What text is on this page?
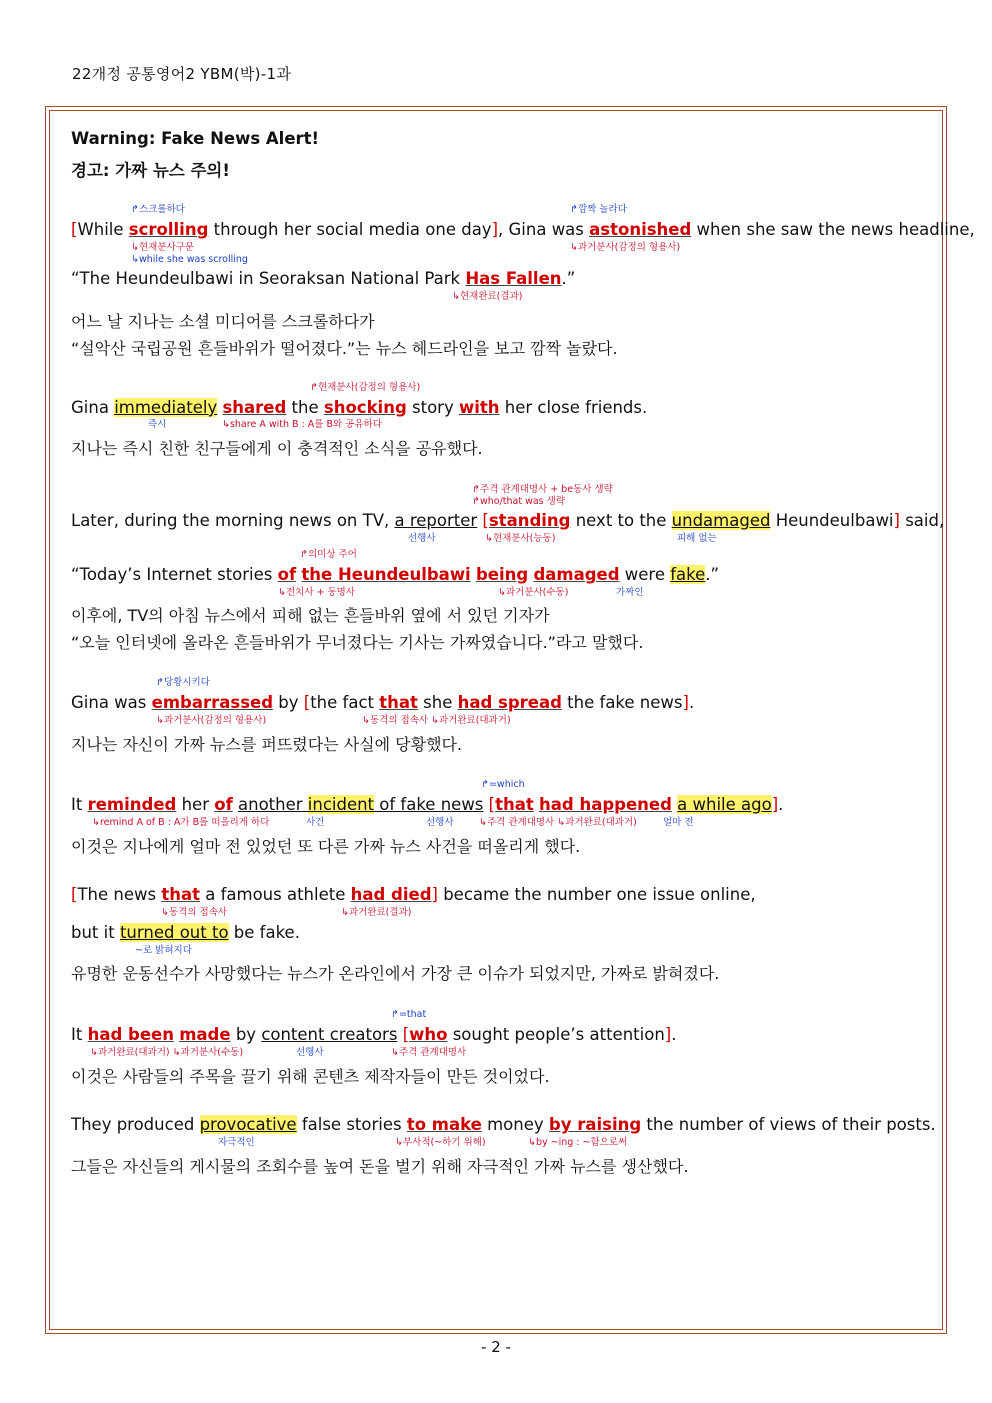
22개정 공통영어2 YBM(박)-1과
Warning: Fake News Alert!
경고: 가짜 뉴스 주의!
↱스크롤하다	↱깜짝 놀라다
[While scrolling through her social media one day], Gina was astonished when she saw the news headline,
↳현재분사구문	↳과거분사(감정의 형용사)
↳while she was scrolling
“The Heundeulbawi in Seoraksan National Park Has Fallen.”
↳현재완료(결과)
어느 날 지나는 소셜 미디어를 스크롤하다가
“설악산 국립공원 흔들바위가 떨어졌다.”는 뉴스 헤드라인을 보고 깜짝 놀랐다.
↱현재분사(감정의 형용사)
Gina immediately shared the shocking story with her close friends.
즉시	↳share A with B : A를 B와 공유하다
지나는 즉시 친한 친구들에게 이 충격적인 소식을 공유했다.
↱주격 관계대명사 + be동사 생략
↱who/that was 생략
Later, during the morning news on TV, a reporter [standing next to the undamaged Heundeulbawi] said,
선행사	↳현재분사(능동)	피해 없는
↱의미상 주어
“Today’s Internet stories of the Heundeulbawi being damaged were fake.”
↳전치사 + 동명사	↳과거분사(수동)	가짜인
이후에, TV의 아침 뉴스에서 피해 없는 흔들바위 옆에 서 있던 기자가
“오늘 인터넷에 올라온 흔들바위가 무너졌다는 기사는 가짜였습니다.”라고 말했다.
↱당황시키다
Gina was embarrassed by [the fact that she had spread the fake news].
↳과거분사(감정의 형용사)	↳동격의 접속사 ↳과거완료(대과거)
지나는 자신이 가짜 뉴스를 퍼뜨렸다는 사실에 당황했다.
↱=which
It reminded her of another incident of fake news [that had happened a while ago].
↳remind A of B : A가 B를 떠올리게 하다	사건	선행사	↳주격 관계대명사 ↳과거완료(대과거)	얼마 전
이것은 지나에게 얼마 전 있었던 또 다른 가짜 뉴스 사건을 떠올리게 했다.
[The news that a famous athlete had died] became the number one issue online,
↳동격의 접속사	↳과거완료(결과)
but it turned out to be fake.
~로 밝혀지다
유명한 운동선수가 사망했다는 뉴스가 온라인에서 가장 큰 이슈가 되었지만, 가짜로 밝혀졌다.
↱=that
It had been made by content creators [who sought people’s attention].
↳과거완료(대과거) ↳과거분사(수동)	선행사	↳주격 관계대명사
이것은 사람들의 주목을 끌기 위해 콘텐츠 제작자들이 만든 것이었다.
They produced provocative false stories to make money by raising the number of views of their posts.
자극적인	↳부사적(~하기 위해)	↳by ~ing : ~함으로써
그들은 자신들의 게시물의 조회수를 높여 돈을 벌기 위해 자극적인 가짜 뉴스를 생산했다.
- 2 -
